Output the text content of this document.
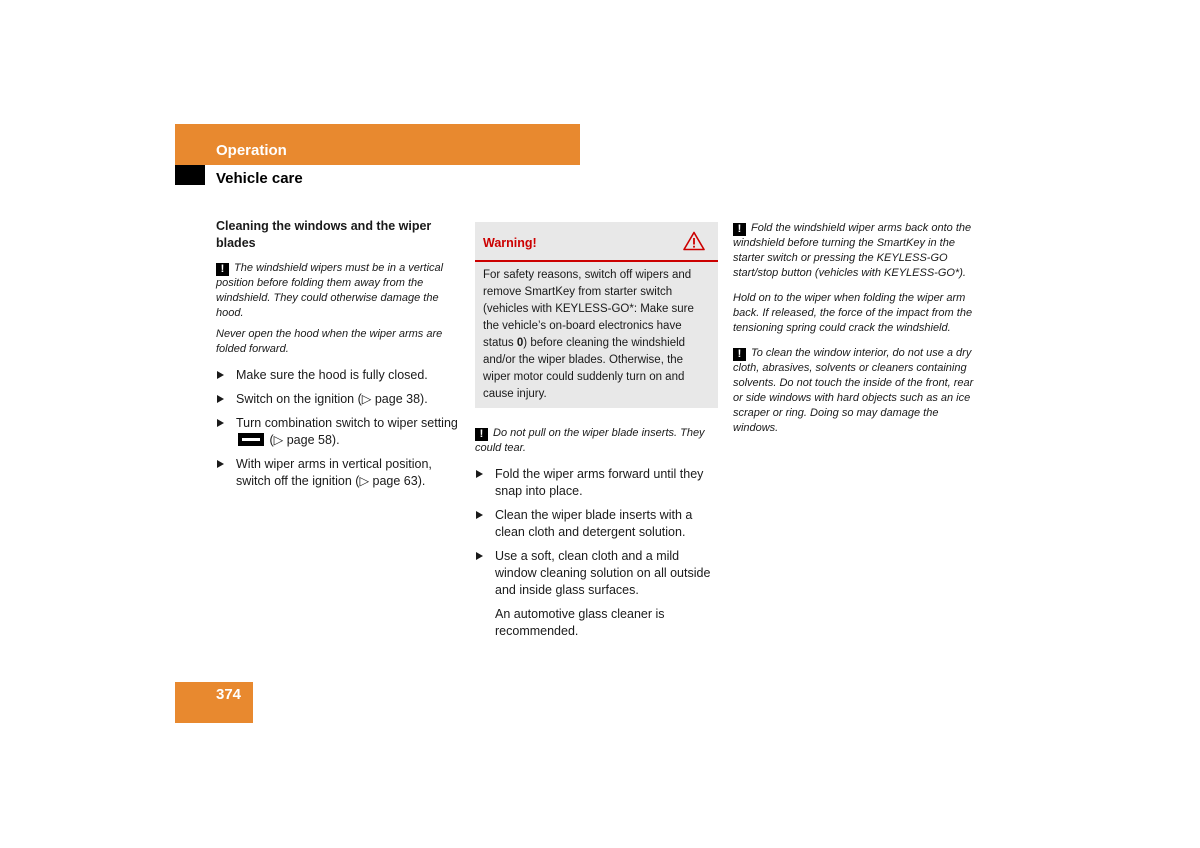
Operation
Vehicle care
Cleaning the windows and the wiper blades
! The windshield wipers must be in a vertical position before folding them away from the windshield. They could otherwise damage the hood.
Never open the hood when the wiper arms are folded forward.
Make sure the hood is fully closed.
Switch on the ignition (▷ page 38).
Turn combination switch to wiper setting  (▷ page 58).
With wiper arms in vertical position, switch off the ignition (▷ page 63).
Warning!
For safety reasons, switch off wipers and remove SmartKey from starter switch (vehicles with KEYLESS-GO*: Make sure the vehicle’s on-board electronics have status 0) before cleaning the windshield and/or the wiper blades. Otherwise, the wiper motor could suddenly turn on and cause injury.
! Do not pull on the wiper blade inserts. They could tear.
Fold the wiper arms forward until they snap into place.
Clean the wiper blade inserts with a clean cloth and detergent solution.
Use a soft, clean cloth and a mild window cleaning solution on all outside and inside glass surfaces.
An automotive glass cleaner is recommended.
! Fold the windshield wiper arms back onto the windshield before turning the SmartKey in the starter switch or pressing the KEYLESS-GO start/stop button (vehicles with KEYLESS-GO*).
Hold on to the wiper when folding the wiper arm back. If released, the force of the impact from the tensioning spring could crack the windshield.
! To clean the window interior, do not use a dry cloth, abrasives, solvents or cleaners containing solvents. Do not touch the inside of the front, rear or side windows with hard objects such as an ice scraper or ring. Doing so may damage the windows.
374
